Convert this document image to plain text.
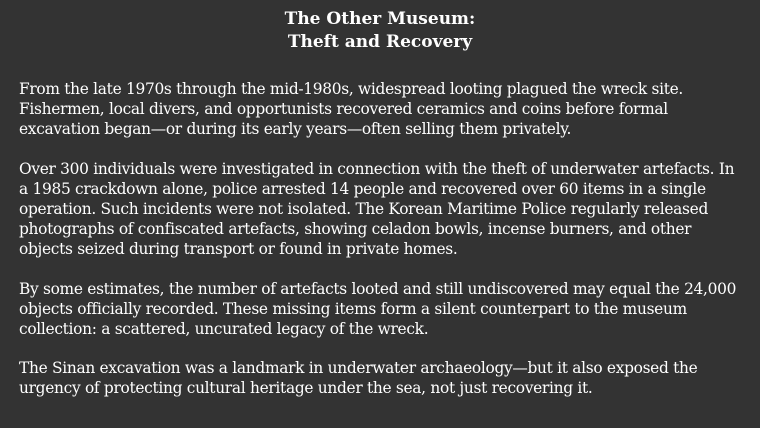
The Other Museum:
Theft and Recovery

From the late 1970s through the mid-1980s, widespread looting plagued the wreck site.
Fishermen, local divers, and opportunists recovered ceramics and coins before formal
excavation began—or during its early years—often selling them privately.

Over 300 individuals were investigated in connection with the theft of underwater artefacts. In
a 1985 crackdown alone, police arrested 14 people and recovered over 60 items in a single
operation. Such incidents were not isolated. The Korean Maritime Police regularly released
photographs of confiscated artefacts, showing celadon bowls, incense burners, and other
objects seized during transport or found in private homes.

By some estimates, the number of artefacts looted and still undiscovered may equal the 24,000
objects officially recorded. These missing items form a silent counterpart to the museum
collection: a scattered, uncurated legacy of the wreck.

The Sinan excavation was a landmark in underwater archaeology—but it also exposed the
urgency of protecting cultural heritage under the sea, not just recovering it.
